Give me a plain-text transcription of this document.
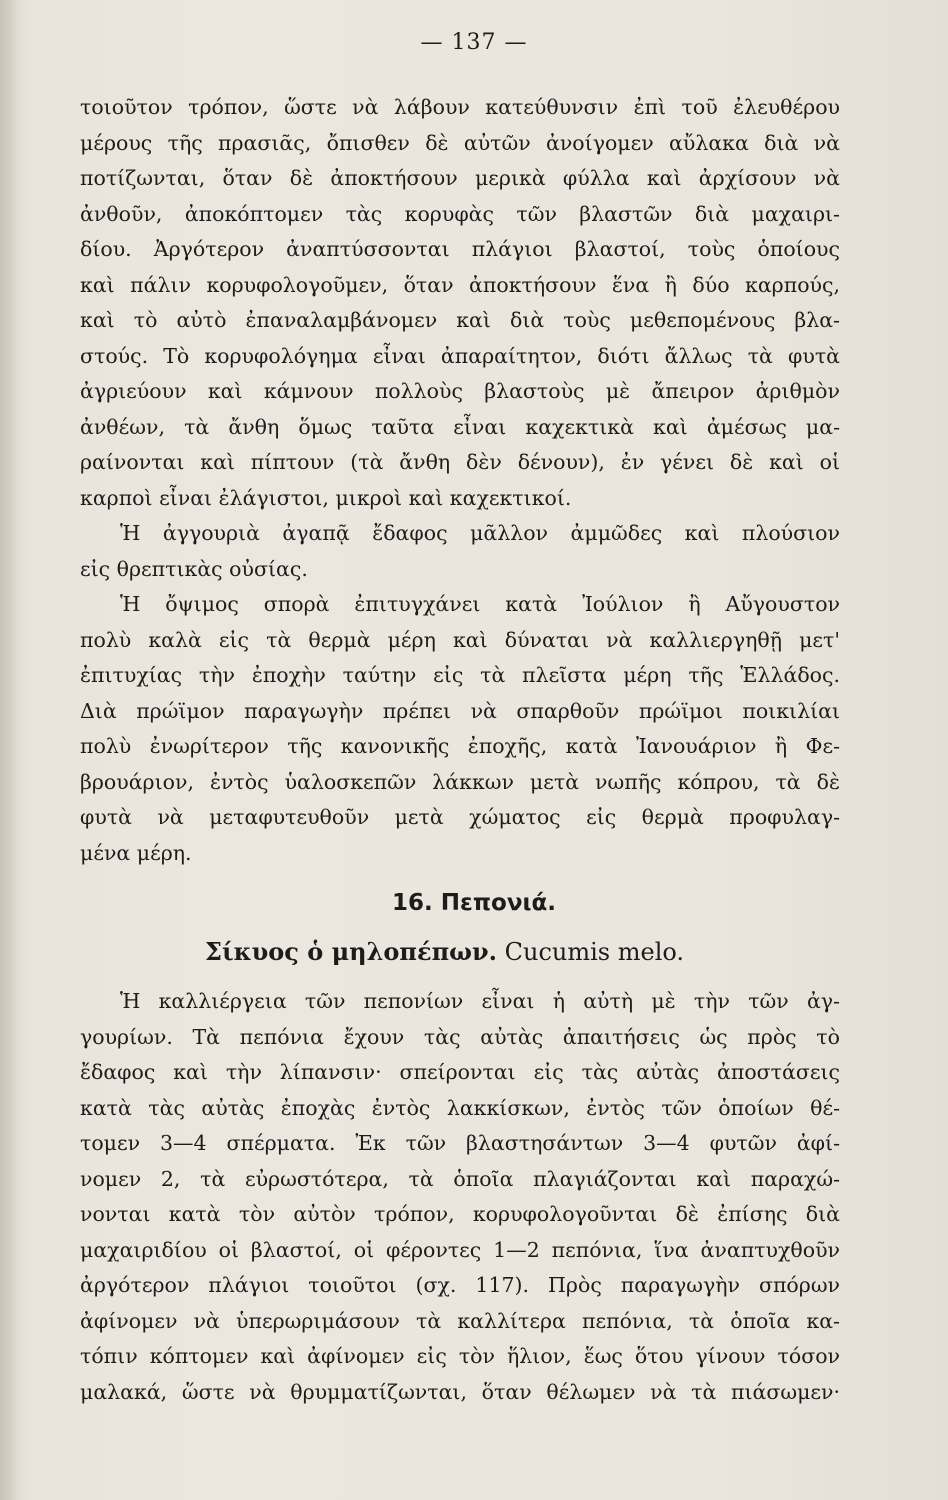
— 137 —
τοιοῦτον τρόπον, ὥστε νὰ λάβουν κατεύθυνσιν ἐπὶ τοῦ ἐλευθέρου
μέρους τῆς πρασιᾶς, ὄπισθεν δὲ αὐτῶν ἀνοίγομεν αὔλακα διὰ νὰ
ποτίζωνται, ὅταν δὲ ἀποκτήσουν μερικὰ φύλλα καὶ ἀρχίσουν νὰ
ἀνθοῦν, ἀποκόπτομεν τὰς κορυφὰς τῶν βλαστῶν διὰ μαχαιρι-
δίου. Ἀργότερον ἀναπτύσσονται πλάγιοι βλαστοί, τοὺς ὁποίους
καὶ πάλιν κορυφολογοῦμεν, ὅταν ἀποκτήσουν ἕνα ἢ δύο καρπούς,
καὶ τὸ αὐτὸ ἐπαναλαμβάνομεν καὶ διὰ τοὺς μεθεπομένους βλα-
στούς. Τὸ κορυφολόγημα εἶναι ἀπαραίτητον, διότι ἄλλως τὰ φυτὰ
ἀγριεύουν καὶ κάμνουν πολλοὺς βλαστοὺς μὲ ἄπειρον ἀριθμὸν
ἀνθέων, τὰ ἄνθη ὅμως ταῦτα εἶναι καχεκτικὰ καὶ ἀμέσως μα-
ραίνονται καὶ πίπτουν (τὰ ἄνθη δὲν δένουν), ἐν γένει δὲ καὶ οἱ
καρποὶ εἶναι ἐλάγιστοι, μικροὶ καὶ καχεκτικοί.
Ἡ ἀγγουριὰ ἀγαπᾷ ἔδαφος μᾶλλον ἀμμῶδες καὶ πλούσιον
εἰς θρεπτικὰς οὐσίας.
Ἡ ὄψιμος σπορὰ ἐπιτυγχάνει κατὰ Ἰούλιον ἢ Αὔγουστον
πολὺ καλὰ εἰς τὰ θερμὰ μέρη καὶ δύναται νὰ καλλιεργηθῇ μετ'
ἐπιτυχίας τὴν ἐποχὴν ταύτην εἰς τὰ πλεῖστα μέρη τῆς Ἑλλάδος.
Διὰ πρώϊμον παραγωγὴν πρέπει νὰ σπαρθοῦν πρώϊμοι ποικιλίαι
πολὺ ἐνωρίτερον τῆς κανονικῆς ἐποχῆς, κατὰ Ἰανουάριον ἢ Φε-
βρουάριον, ἐντὸς ὑαλοσκεπῶν λάκκων μετὰ νωπῆς κόπρου, τὰ δὲ
φυτὰ νὰ μεταφυτευθοῦν μετὰ χώματος εἰς θερμὰ προφυλαγ-
μένα μέρη.
16. Πεπονιά.
Σίκυος ὁ μηλοπέπων. Cucumis melo.
Ἡ καλλιέργεια τῶν πεπονίων εἶναι ἡ αὐτὴ μὲ τὴν τῶν ἀγ-
γουρίων. Τὰ πεπόνια ἔχουν τὰς αὐτὰς ἀπαιτήσεις ὡς πρὸς τὸ
ἔδαφος καὶ τὴν λίπανσιν· σπείρονται εἰς τὰς αὐτὰς ἀποστάσεις
κατὰ τὰς αὐτὰς ἐποχὰς ἐντὸς λακκίσκων, ἐντὸς τῶν ὁποίων θέ-
τομεν 3—4 σπέρματα. Ἐκ τῶν βλαστησάντων 3—4 φυτῶν ἀφί-
νομεν 2, τὰ εὐρωστότερα, τὰ ὁποῖα πλαγιάζονται καὶ παραχώ-
νονται κατὰ τὸν αὐτὸν τρόπον, κορυφολογοῦνται δὲ ἐπίσης διὰ
μαχαιριδίου οἱ βλαστοί, οἱ φέροντες 1—2 πεπόνια, ἵνα ἀναπτυχθοῦν
ἀργότερον πλάγιοι τοιοῦτοι (σχ. 117). Πρὸς παραγωγὴν σπόρων
ἀφίνομεν νὰ ὑπερωριμάσουν τὰ καλλίτερα πεπόνια, τὰ ὁποῖα κα-
τόπιν κόπτομεν καὶ ἀφίνομεν εἰς τὸν ἥλιον, ἕως ὅτου γίνουν τόσον
μαλακά, ὥστε νὰ θρυμματίζωνται, ὅταν θέλωμεν νὰ τὰ πιάσωμεν·
